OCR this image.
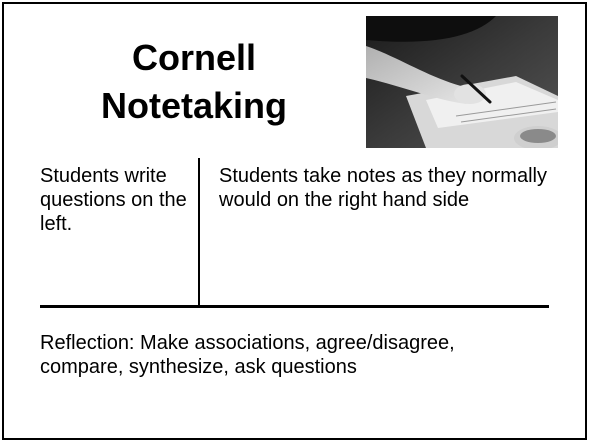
Cornell
Notetaking

Students write questions on the left.

Students take notes as they normally would on the right hand side

Reflection: Make associations, agree/disagree, compare, synthesize, ask questions
